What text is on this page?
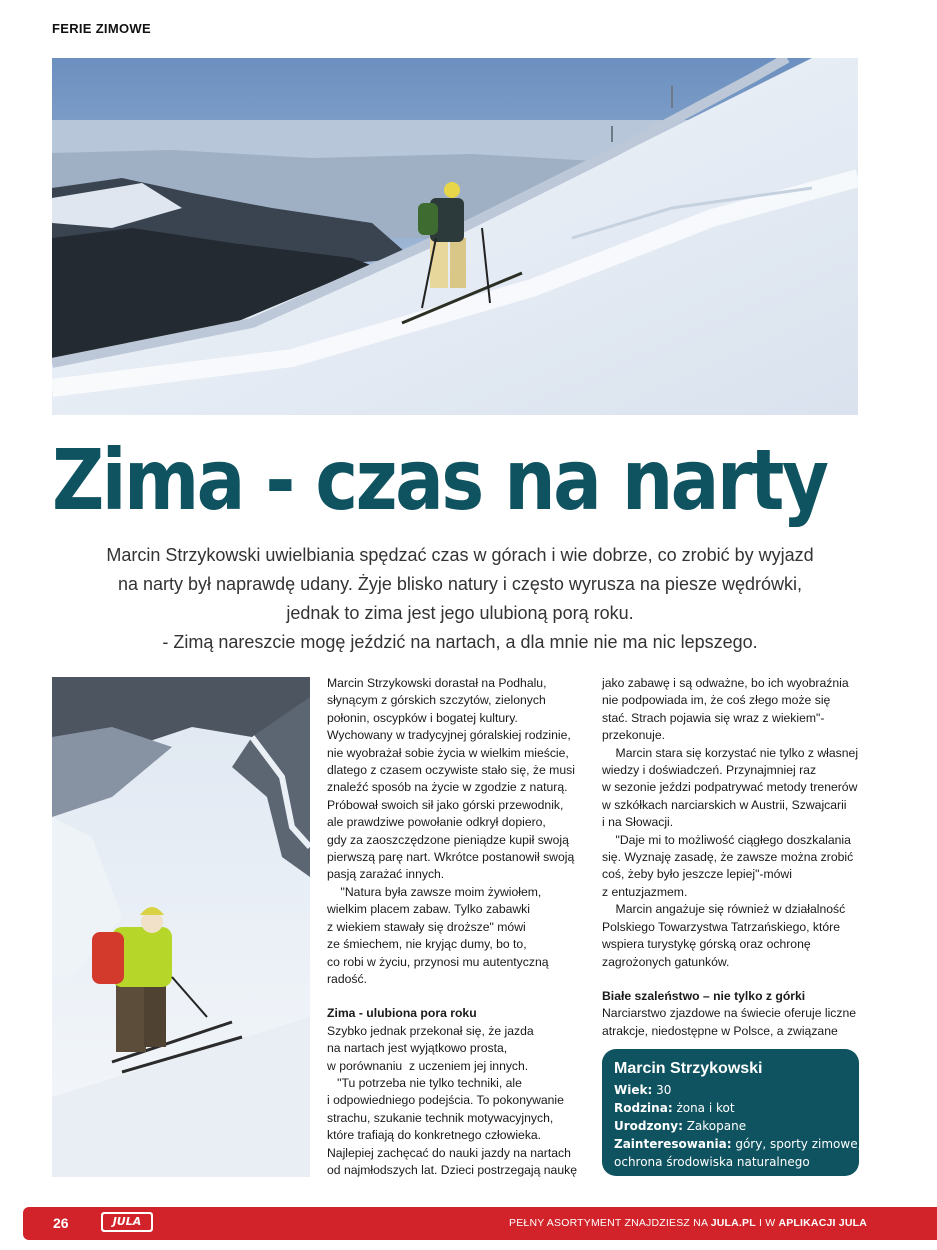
FERIE ZIMOWE
Zima - czas na narty
Marcin Strzykowski uwielbiania spędzać czas w górach i wie dobrze, co zrobić by wyjazd
na narty był naprawdę udany. Żyje blisko natury i często wyrusza na piesze wędrówki,
jednak to zima jest jego ulubioną porą roku.
- Zimą nareszcie mogę jeździć na nartach, a dla mnie nie ma nic lepszego.
Marcin Strzykowski dorastał na Podhalu,
słynącym z górskich szczytów, zielonych
połonin, oscypków i bogatej kultury.
Wychowany w tradycyjnej góralskiej rodzinie,
nie wyobrażał sobie życia w wielkim mieście,
dlatego z czasem oczywiste stało się, że musi
znaleźć sposób na życie w zgodzie z naturą.
Próbował swoich sił jako górski przewodnik,
ale prawdziwe powołanie odkrył dopiero,
gdy za zaoszczędzone pieniądze kupił swoją
pierwszą parę nart. Wkrótce postanowił swoją
pasją zarażać innych.
"Natura była zawsze moim żywiołem,
wielkim placem zabaw. Tylko zabawki
z wiekiem stawały się droższe" mówi
ze śmiechem, nie kryjąc dumy, bo to,
co robi w życiu, przynosi mu autentyczną
radość.
Zima - ulubiona pora roku
Szybko jednak przekonał się, że jazda
na nartach jest wyjątkowo prosta,
w porównaniu  z uczeniem jej innych.
"Tu potrzeba nie tylko techniki, ale
i odpowiedniego podejścia. To pokonywanie
strachu, szukanie technik motywacyjnych,
które trafiają do konkretnego człowieka.
Najlepiej zachęcać do nauki jazdy na nartach
od najmłodszych lat. Dzieci postrzegają naukę
jako zabawę i są odważne, bo ich wyobraźnia
nie podpowiada im, że coś złego może się
stać. Strach pojawia się wraz z wiekiem"-
przekonuje.
Marcin stara się korzystać nie tylko z własnej
wiedzy i doświadczeń. Przynajmniej raz
w sezonie jeździ podpatrywać metody trenerów
w szkółkach narciarskich w Austrii, Szwajcarii
i na Słowacji.
"Daje mi to możliwość ciągłego doszkalania
się. Wyznaję zasadę, że zawsze można zrobić
coś, żeby było jeszcze lepiej"-mówi
z entuzjazmem.
Marcin angażuje się również w działalność
Polskiego Towarzystwa Tatrzańskiego, które
wspiera turystykę górską oraz ochronę
zagrożonych gatunków.
Białe szaleństwo – nie tylko z górki
Narciarstwo zjazdowe na świecie oferuje liczne
atrakcje, niedostępne w Polsce, a związane
Marcin Strzykowski
Wiek: 30
Rodzina: żona i kot
Urodzony: Zakopane
Zainteresowania: góry, sporty zimowe,
ochrona środowiska naturalnego
26	JULA	PEŁNY ASORTYMENT ZNAJDZIESZ NA JULA.PL I W APLIKACJI JULA
